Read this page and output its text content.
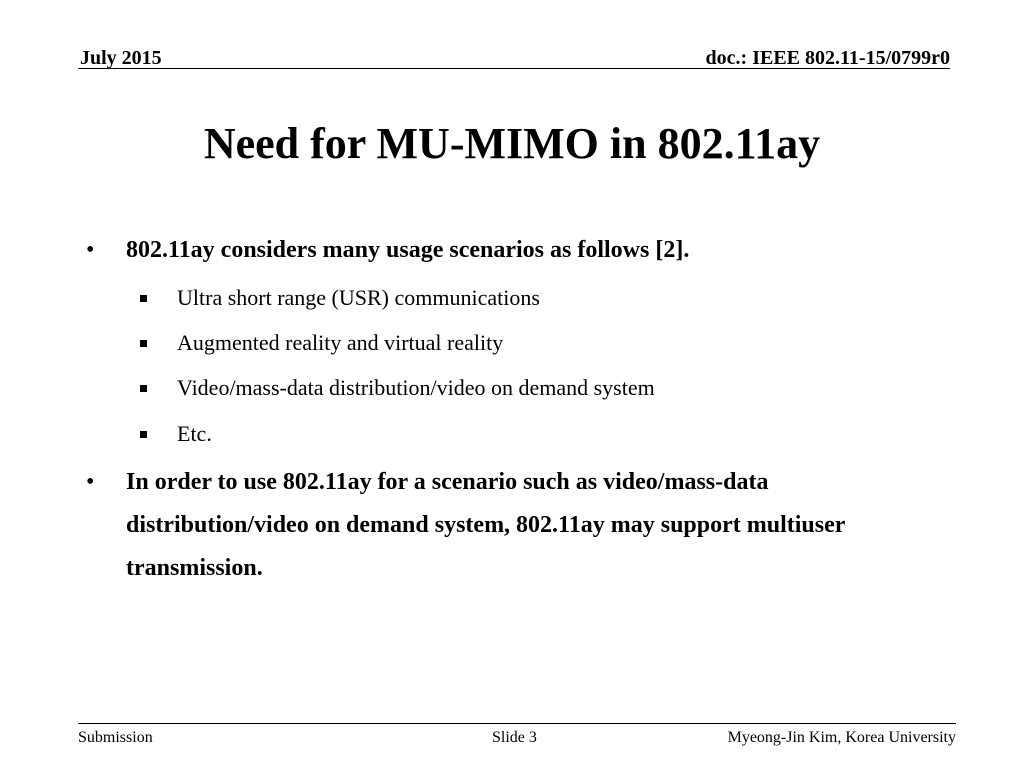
July 2015	doc.: IEEE 802.11-15/0799r0
Need for MU-MIMO in 802.11ay
•	802.11ay considers many usage scenarios as follows [2].
Ultra short range (USR) communications
Augmented reality and virtual reality
Video/mass-data distribution/video on demand system
Etc.
•	In order to use 802.11ay for a scenario such as video/mass-data distribution/video on demand system, 802.11ay may support multiuser transmission.
Submission	Slide 3	Myeong-Jin Kim, Korea University
